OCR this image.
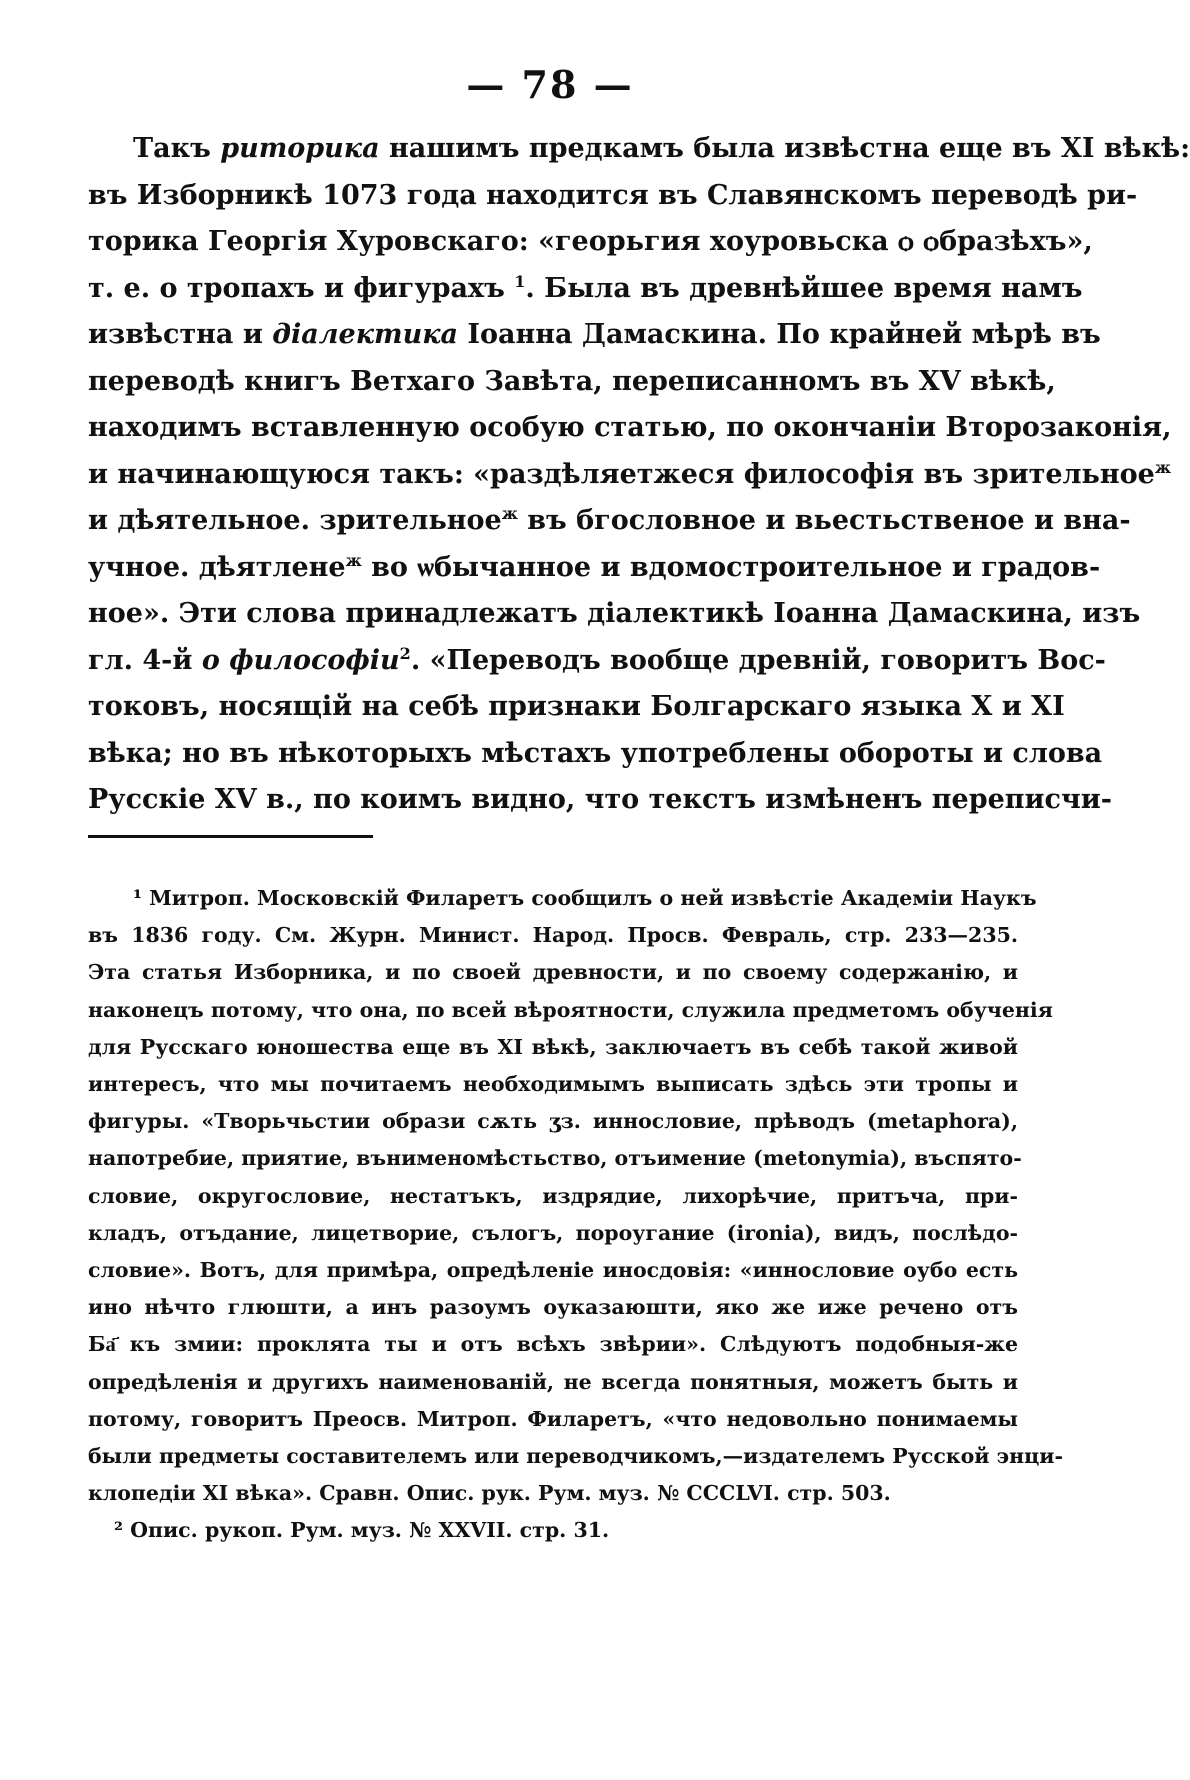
— 78 —
Такъ риторика нашимъ предкамъ была извѣстна еще въ XI вѣкѣ:
въ Изборникѣ 1073 года находится въ Славянскомъ переводѣ ри-
торика Георгія Хуровскаго: «георьгия хоуровьска ѻ ѻбразѣхъ»,
т. е. о тропахъ и фигурахъ $^1$. Была въ древнѣйшее время намъ
извѣстна и діалектика Іоанна Дамаскина. По крайней мѣрѣ въ
переводѣ книгъ Ветхаго Завѣта, переписанномъ въ XV вѣкѣ,
находимъ вставленную особую статью, по окончаніи Второзаконія,
и начинающуюся такъ: «раздѣляетжеся философія въ зрительное$^ж$
и дѣятельное. зрительное$^ж$ въ бгословное и вьестьственое и вна-
учное. дѣятлене$^ж$ во ѡбычанное и вдомостроительное и градов-
ное». Эти слова принадлежатъ діалектикѣ Іоанна Дамаскина, изъ
гл. 4-й о философіи$^2$. «Переводъ вообще древній, говоритъ Вос-
токовъ, носящій на себѣ признаки Болгарскаго языка X и XI
вѣка; но въ нѣкоторыхъ мѣстахъ употреблены обороты и слова
Русскіе XV в., по коимъ видно, что текстъ измѣненъ переписчи-
¹ Митроп. Московскій Филаретъ сообщилъ о ней извѣстіе Академіи Наукъ
въ 1836 году. См. Журн. Минист. Народ. Просв. Февраль, стр. 233—235.
Эта статья Изборника, и по своей древности, и по своему содержанію, и
наконецъ потому, что она, по всей вѣроятности, служила предметомъ обученія
для Русскаго юношества еще въ XI вѣкѣ, заключаетъ въ себѣ такой живой
интересъ, что мы почитаемъ необходимымъ выписать здѣсь эти тропы и
фигуры. «Творьчьстии образи сѫть ӡз. иннословие, прѣводъ (metaphora),
напотребие, приятие, вънименомѣстьство, отъимение (metonymia), въспято-
словие, округословие, нестатъкъ, издрядие, лихорѣчие, притъча, при-
кладъ, отъдание, лицетворие, сълогъ, пороугание (ironia), видъ, послѣдо-
словие». Вотъ, для примѣра, опредѣленіе иносдовія: «иннословие оубо есть
ино нѣчто глюшти, а инъ разоумъ оуказаюшти, яко же иже речено отъ
Ба҃ къ змии: проклята ты и отъ всѣхъ звѣрии». Слѣдуютъ подобныя-же
опредѣленія и другихъ наименованій, не всегда понятныя, можетъ быть и
потому, говоритъ Преосв. Митроп. Филаретъ, «что недовольно понимаемы
были предметы составителемъ или переводчикомъ,—издателемъ Русской энци-
клопедіи XI вѣка». Сравн. Опис. рук. Рум. муз. № CCCLVI. стр. 503.
² Опис. рукоп. Рум. муз. № XXVII. стр. 31.
